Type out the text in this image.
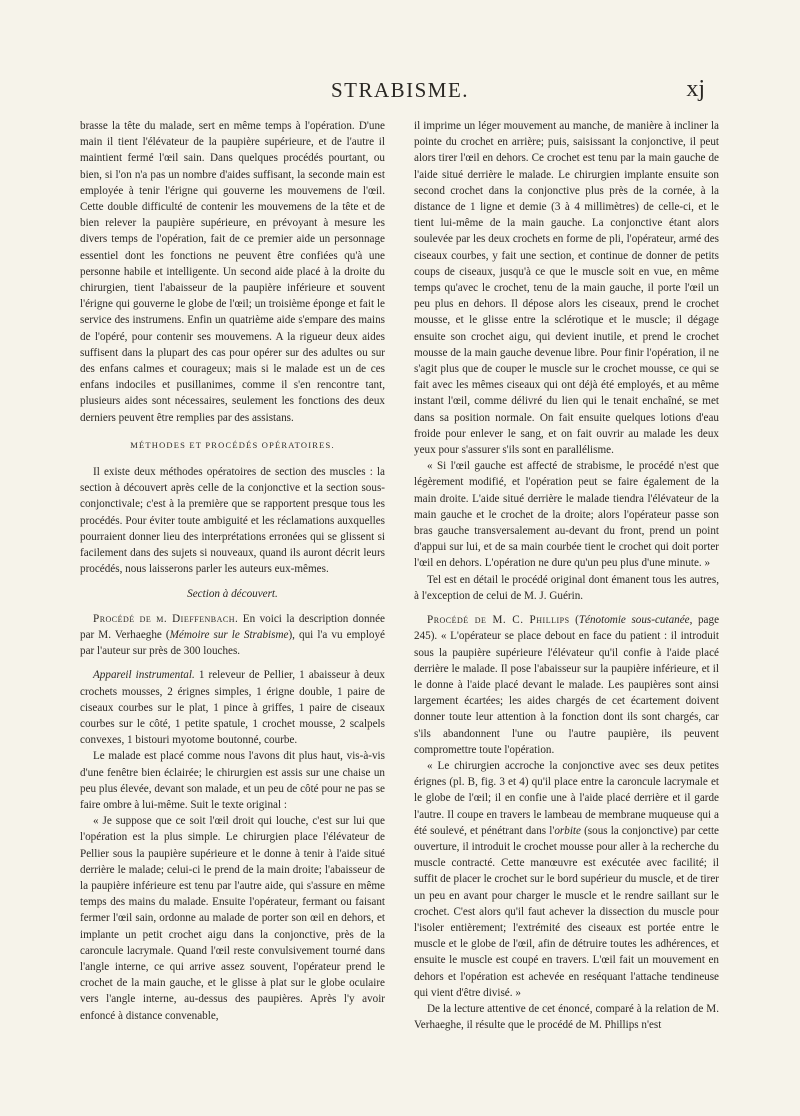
STRABISME.	xj

brasse la tête du malade, sert en même temps à l'opération. D'une main il tient l'élévateur de la paupière supérieure, et de l'autre il maintient fermé l'œil sain. Dans quelques procédés pourtant, ou bien, si l'on n'a pas un nombre d'aides suffisant, la seconde main est employée à tenir l'érigne qui gouverne les mouvemens de l'œil. Cette double difficulté de contenir les mouvemens de la tête et de bien relever la paupière supérieure, en prévoyant à mesure les divers temps de l'opération, fait de ce premier aide un personnage essentiel dont les fonctions ne peuvent être confiées qu'à une personne habile et intelligente. Un second aide placé à la droite du chirurgien, tient l'abaisseur de la paupière inférieure et souvent l'érigne qui gouverne le globe de l'œil; un troisième éponge et fait le service des instrumens. Enfin un quatrième aide s'empare des mains de l'opéré, pour contenir ses mouvemens. A la rigueur deux aides suffisent dans la plupart des cas pour opérer sur des adultes ou sur des enfans calmes et courageux; mais si le malade est un de ces enfans indociles et pusillanimes, comme il s'en rencontre tant, plusieurs aides sont nécessaires, seulement les fonctions des deux derniers peuvent être remplies par des assistans.

MÉTHODES ET PROCÉDÉS OPÉRATOIRES.

Il existe deux méthodes opératoires de section des muscles : la section à découvert après celle de la conjonctive et la section sous-conjonctivale; c'est à la première que se rapportent presque tous les procédés. Pour éviter toute ambiguité et les réclamations auxquelles pourraient donner lieu des interprétations erronées qui se glissent si facilement dans des sujets si nouveaux, quand ils auront décrit leurs procédés, nous laisserons parler les auteurs eux-mêmes.

Section à découvert.

Procédé de m. Dieffenbach. En voici la description donnée par M. Verhaeghe (Mémoire sur le Strabisme), qui l'a vu employé par l'auteur sur près de 300 louches.

Appareil instrumental. 1 releveur de Pellier, 1 abaisseur à deux crochets mousses, 2 érignes simples, 1 érigne double, 1 paire de ciseaux courbes sur le plat, 1 pince à griffes, 1 paire de ciseaux courbes sur le côté, 1 petite spatule, 1 crochet mousse, 2 scalpels convexes, 1 bistouri myotome boutonné, courbe.

Le malade est placé comme nous l'avons dit plus haut, vis-à-vis d'une fenêtre bien éclairée; le chirurgien est assis sur une chaise un peu plus élevée, devant son malade, et un peu de côté pour ne pas se faire ombre à lui-même. Suit le texte original :

« Je suppose que ce soit l'œil droit qui louche, c'est sur lui que l'opération est la plus simple. Le chirurgien place l'élévateur de Pellier sous la paupière supérieure et le donne à tenir à l'aide situé derrière le malade; celui-ci le prend de la main droite; l'abaisseur de la paupière inférieure est tenu par l'autre aide, qui s'assure en même temps des mains du malade. Ensuite l'opérateur, fermant ou faisant fermer l'œil sain, ordonne au malade de porter son œil en dehors, et implante un petit crochet aigu dans la conjonctive, près de la caroncule lacrymale. Quand l'œil reste convulsivement tourné dans l'angle interne, ce qui arrive assez souvent, l'opérateur prend le crochet de la main gauche, et le glisse à plat sur le globe oculaire vers l'angle interne, au-dessus des paupières. Après l'y avoir enfoncé à distance convenable,

il imprime un léger mouvement au manche, de manière à incliner la pointe du crochet en arrière; puis, saisissant la conjonctive, il peut alors tirer l'œil en dehors. Ce crochet est tenu par la main gauche de l'aide situé derrière le malade. Le chirurgien implante ensuite son second crochet dans la conjonctive plus près de la cornée, à la distance de 1 ligne et demie (3 à 4 millimètres) de celle-ci, et le tient lui-même de la main gauche. La conjonctive étant alors soulevée par les deux crochets en forme de pli, l'opérateur, armé des ciseaux courbes, y fait une section, et continue de donner de petits coups de ciseaux, jusqu'à ce que le muscle soit en vue, en même temps qu'avec le crochet, tenu de la main gauche, il porte l'œil un peu plus en dehors. Il dépose alors les ciseaux, prend le crochet mousse, et le glisse entre la sclérotique et le muscle; il dégage ensuite son crochet aigu, qui devient inutile, et prend le crochet mousse de la main gauche devenue libre. Pour finir l'opération, il ne s'agit plus que de couper le muscle sur le crochet mousse, ce qui se fait avec les mêmes ciseaux qui ont déjà été employés, et au même instant l'œil, comme délivré du lien qui le tenait enchaîné, se met dans sa position normale. On fait ensuite quelques lotions d'eau froide pour enlever le sang, et on fait ouvrir au malade les deux yeux pour s'assurer s'ils sont en parallélisme.

« Si l'œil gauche est affecté de strabisme, le procédé n'est que légèrement modifié, et l'opération peut se faire également de la main droite. L'aide situé derrière le malade tiendra l'élévateur de la main gauche et le crochet de la droite; alors l'opérateur passe son bras gauche transversalement au-devant du front, prend un point d'appui sur lui, et de sa main courbée tient le crochet qui doit porter l'œil en dehors. L'opération ne dure qu'un peu plus d'une minute. »

Tel est en détail le procédé original dont émanent tous les autres, à l'exception de celui de M. J. Guérin.

Procédé de M. C. Phillips (Ténotomie sous-cutanée, page 245). « L'opérateur se place debout en face du patient : il introduit sous la paupière supérieure l'élévateur qu'il confie à l'aide placé derrière le malade. Il pose l'abaisseur sur la paupière inférieure, et il le donne à l'aide placé devant le malade. Les paupières sont ainsi largement écartées; les aides chargés de cet écartement doivent donner toute leur attention à la fonction dont ils sont chargés, car s'ils abandonnent l'une ou l'autre paupière, ils peuvent compromettre toute l'opération.

« Le chirurgien accroche la conjonctive avec ses deux petites érignes (pl. B, fig. 3 et 4) qu'il place entre la caroncule lacrymale et le globe de l'œil; il en confie une à l'aide placé derrière et il garde l'autre. Il coupe en travers le lambeau de membrane muqueuse qui a été soulevé, et pénétrant dans l'orbite (sous la conjonctive) par cette ouverture, il introduit le crochet mousse pour aller à la recherche du muscle contracté. Cette manœuvre est exécutée avec facilité; il suffit de placer le crochet sur le bord supérieur du muscle, et de tirer un peu en avant pour charger le muscle et le rendre saillant sur le crochet. C'est alors qu'il faut achever la dissection du muscle pour l'isoler entièrement; l'extrémité des ciseaux est portée entre le muscle et le globe de l'œil, afin de détruire toutes les adhérences, et ensuite le muscle est coupé en travers. L'œil fait un mouvement en dehors et l'opération est achevée en reséquant l'attache tendineuse qui vient d'être divisé. »

De la lecture attentive de cet énoncé, comparé à la relation de M. Verhaeghe, il résulte que le procédé de M. Phillips n'est
